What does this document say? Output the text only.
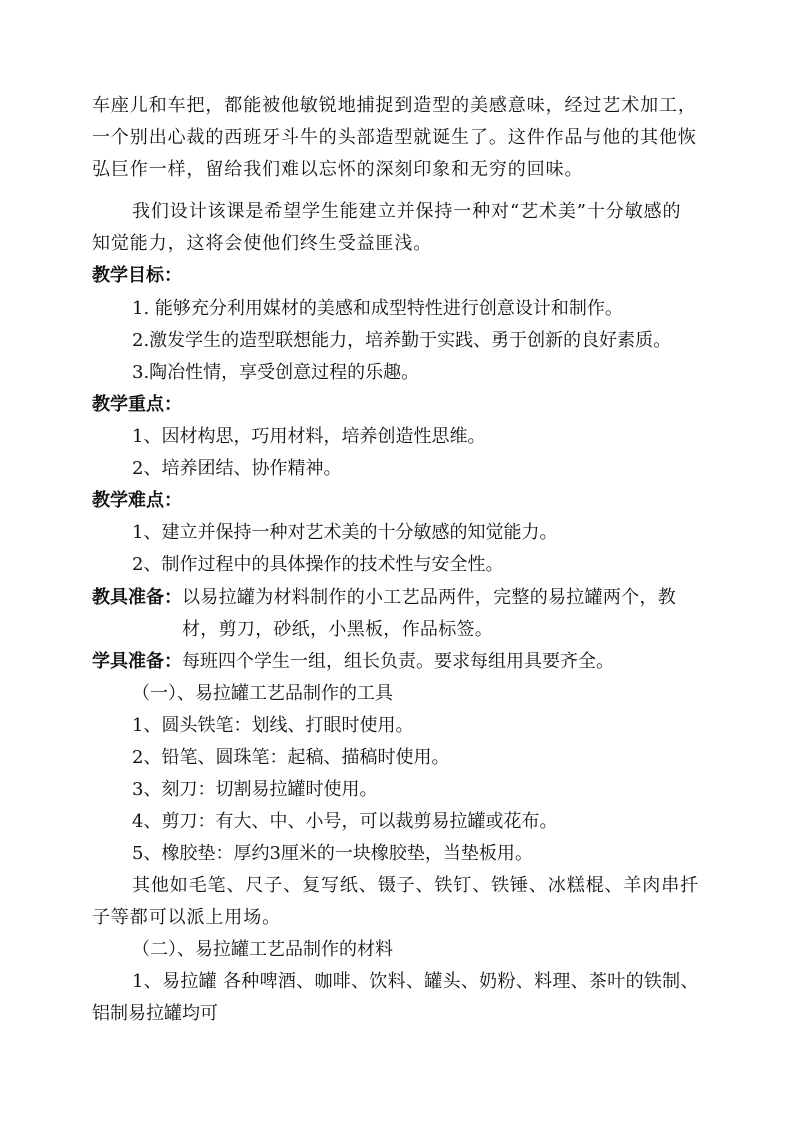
车座儿和车把，都能被他敏锐地捕捉到造型的美感意味，经过艺术加工，
一个别出心裁的西班牙斗牛的头部造型就诞生了。这件作品与他的其他恢
弘巨作一样，留给我们难以忘怀的深刻印象和无穷的回味。
我们设计该课是希望学生能建立并保持一种对“艺术美”十分敏感的
知觉能力，这将会使他们终生受益匪浅。
教学目标：
1. 能够充分利用媒材的美感和成型特性进行创意设计和制作。
2.激发学生的造型联想能力，培养勤于实践、勇于创新的良好素质。
3.陶冶性情，享受创意过程的乐趣。
教学重点：
1、因材构思，巧用材料，培养创造性思维。
2、培养团结、协作精神。
教学难点：
1、建立并保持一种对艺术美的十分敏感的知觉能力。
2、制作过程中的具体操作的技术性与安全性。
教具准备： 以易拉罐为材料制作的小工艺品两件，完整的易拉罐两个，教
材，剪刀，砂纸，小黑板，作品标签。
学具准备： 每班四个学生一组，组长负责。要求每组用具要齐全。
（一）、易拉罐工艺品制作的工具
1、圆头铁笔：划线、打眼时使用。
2、铅笔、圆珠笔：起稿、描稿时使用。
3、刻刀：切割易拉罐时使用。
4、剪刀：有大、中、小号，可以裁剪易拉罐或花布。
5、橡胶垫：厚约3厘米的一块橡胶垫，当垫板用。
其他如毛笔、尺子、复写纸、镊子、铁钉、铁锤、冰糕棍、羊肉串扦
子等都可以派上用场。
（二）、易拉罐工艺品制作的材料
1、易拉罐 各种啤酒、咖啡、饮料、罐头、奶粉、料理、茶叶的铁制、
铝制易拉罐均可
